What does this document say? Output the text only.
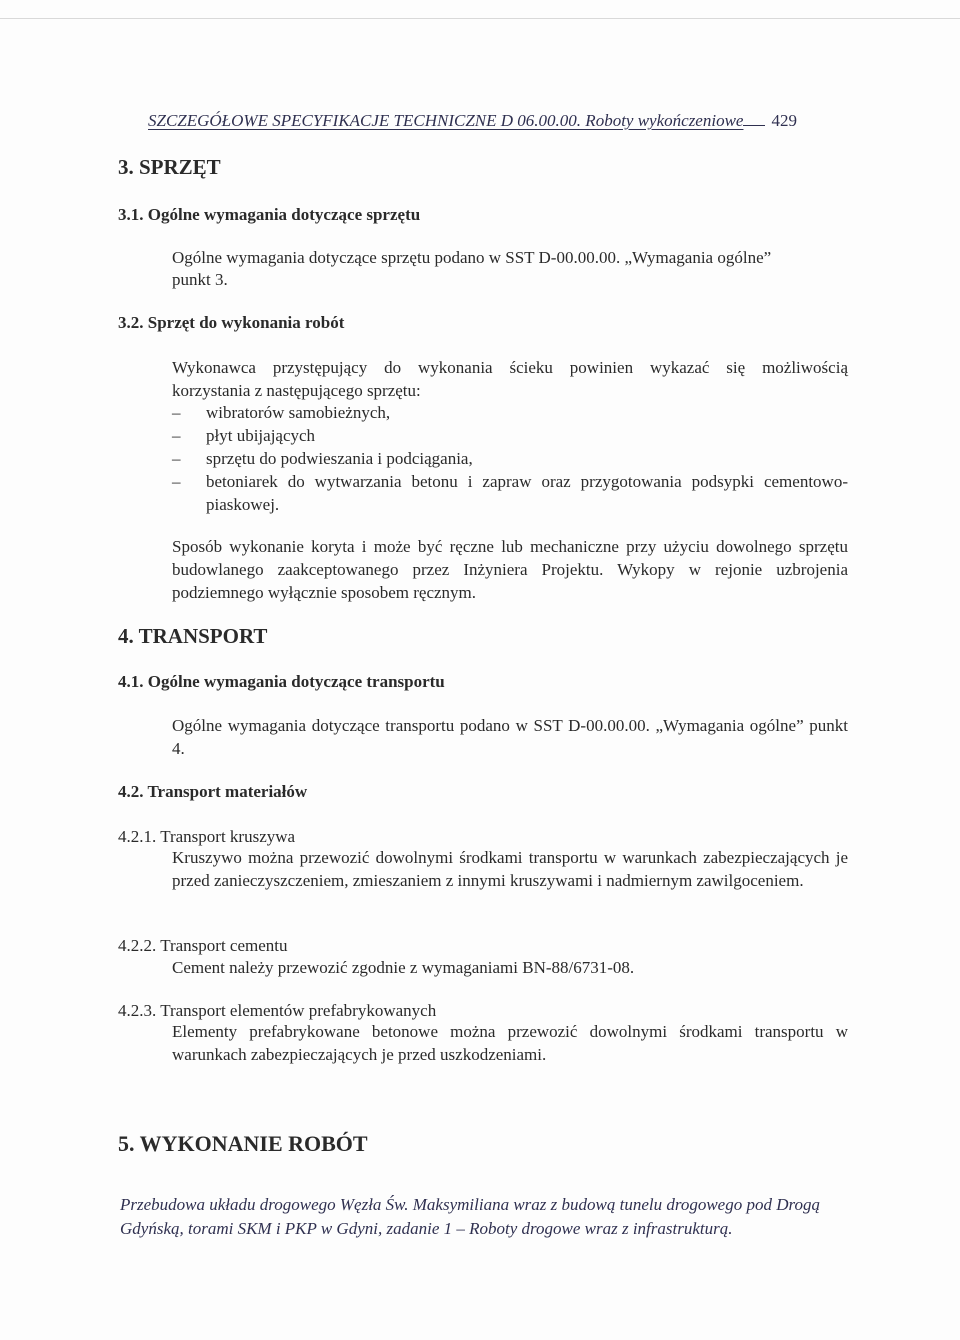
SZCZEGÓŁOWE SPECYFIKACJE TECHNICZNE D 06.00.00. Roboty wykończeniowe 429
3. SPRZĘT
3.1. Ogólne wymagania dotyczące sprzętu
Ogólne wymagania dotyczące sprzętu podano w SST D-00.00.00. „Wymagania ogólne”
punkt 3.
3.2. Sprzęt do wykonania robót
Wykonawca przystępujący do wykonania ścieku powinien wykazać się możliwością
korzystania z następującego sprzętu:
– wibratorów samobieżnych,
– płyt ubijających
– sprzętu do podwieszania i podciągania,
– betoniarek do wytwarzania betonu i zapraw oraz przygotowania podsypki cementowo-piaskowej.
Sposób wykonanie koryta i może być ręczne lub mechaniczne przy użyciu dowolnego sprzętu budowlanego zaakceptowanego przez Inżyniera Projektu. Wykopy w rejonie uzbrojenia podziemnego wyłącznie sposobem ręcznym.
4. TRANSPORT
4.1. Ogólne wymagania dotyczące transportu
Ogólne wymagania dotyczące transportu podano w SST D-00.00.00. „Wymagania ogólne” punkt 4.
4.2. Transport materiałów
4.2.1. Transport kruszywa
Kruszywo można przewozić dowolnymi środkami transportu w warunkach zabezpieczających je przed zanieczyszczeniem, zmieszaniem z innymi kruszywami i nadmiernym zawilgoceniem.
4.2.2. Transport cementu
Cement należy przewozić zgodnie z wymaganiami BN-88/6731-08.
4.2.3. Transport elementów prefabrykowanych
Elementy prefabrykowane betonowe można przewozić dowolnymi środkami transportu w warunkach zabezpieczających je przed uszkodzeniami.
5. WYKONANIE ROBÓT
Przebudowa układu drogowego Węzła Św. Maksymiliana wraz z budową tunelu drogowego pod Drogą Gdyńską, torami SKM i PKP w Gdyni, zadanie 1 – Roboty drogowe wraz z infrastrukturą.
